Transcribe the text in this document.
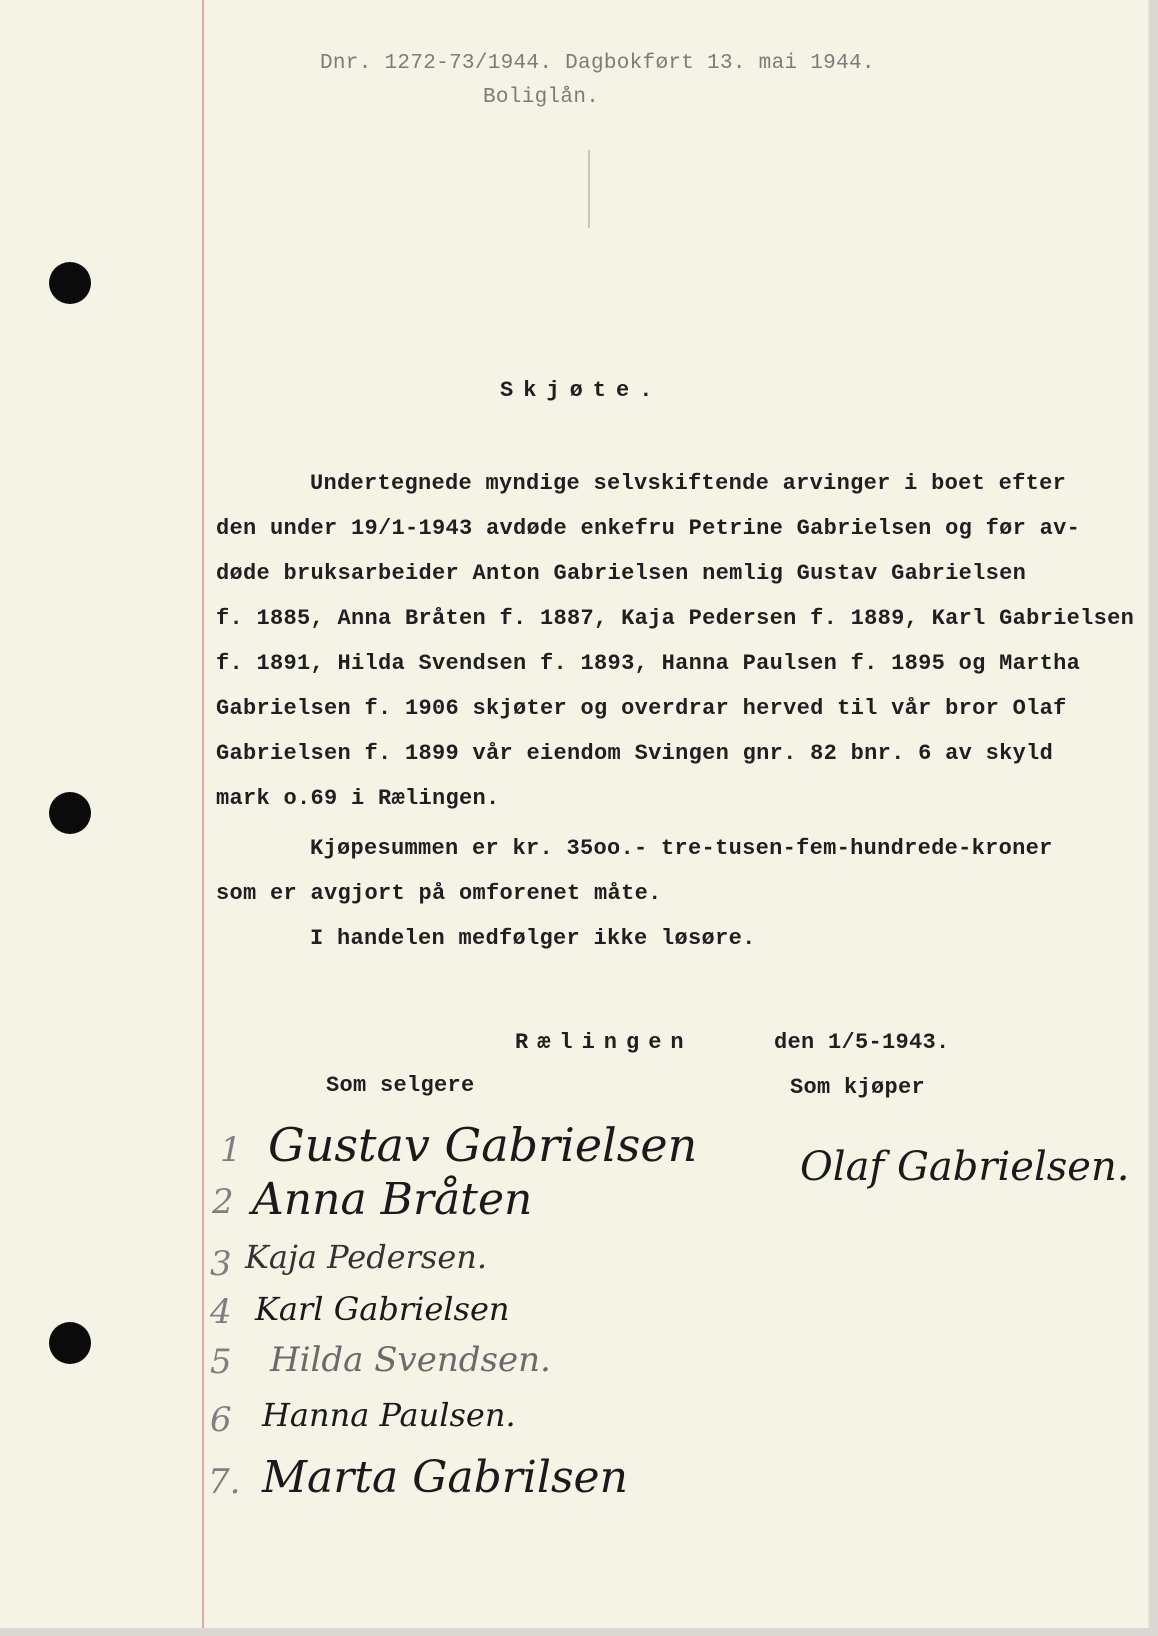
Dnr. 1272-73/1944. Dagbokført 13. mai 1944.
Boliglån.
Skjøte.
Undertegnede myndige selvskiftende arvinger i boet efter
den under 19/1-1943 avdøde enkefru Petrine Gabrielsen og før av-
døde bruksarbeider Anton Gabrielsen nemlig Gustav Gabrielsen
f. 1885, Anna Bråten f. 1887, Kaja Pedersen f. 1889, Karl Gabrielsen
f. 1891, Hilda Svendsen f. 1893, Hanna Paulsen f. 1895 og Martha
Gabrielsen f. 1906 skjøter og overdrar herved til vår bror Olaf
Gabrielsen f. 1899 vår eiendom Svingen gnr. 82 bnr. 6 av skyld
mark o.69 i Rælingen.
Kjøpesummen er kr. 35oo.- tre-tusen-fem-hundrede-kroner
som er avgjort på omforenet måte.
I handelen medfølger ikke løsøre.
Rælingen	den 1/5-1943.
Som selgere	Som kjøper
1 Gustav Gabrielsen
2 Anna Bråten
3 Kaja Pedersen.
4 Karl Gabrielsen
5 Hilda Svendsen.
6 Hanna Paulsen.
7. Marta Gabrilsen
Olaf Gabrielsen.
